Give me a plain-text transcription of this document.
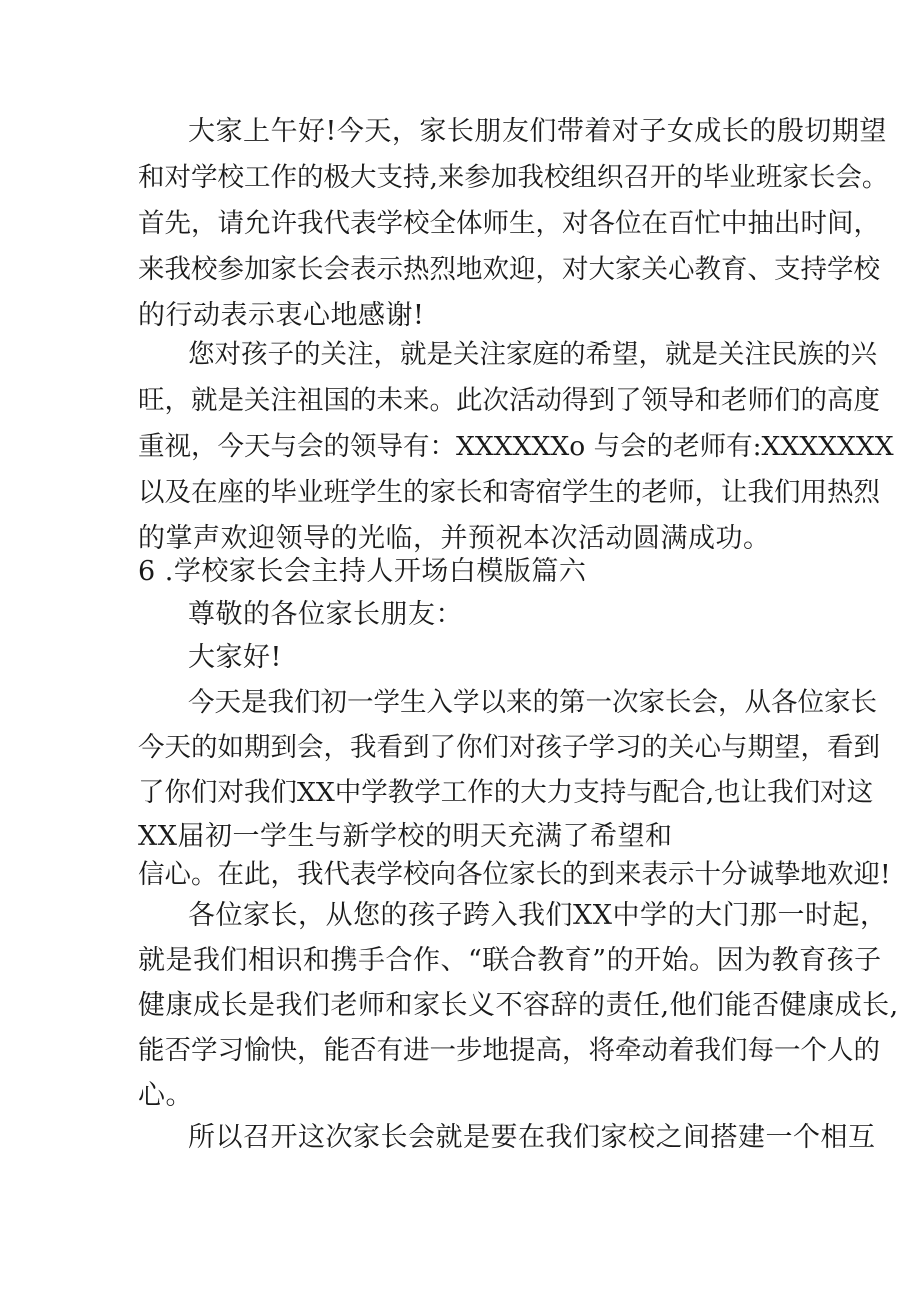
大家上午好!今天，家长朋友们带着对子女成长的殷切期望
和对学校工作的极大支持,来参加我校组织召开的毕业班家长会。
首先，请允许我代表学校全体师生，对各位在百忙中抽出时间，
来我校参加家长会表示热烈地欢迎，对大家关心教育、支持学校
的行动表示衷心地感谢!
您对孩子的关注，就是关注家庭的希望，就是关注民族的兴
旺，就是关注祖国的未来。此次活动得到了领导和老师们的高度
重视，今天与会的领导有：XXXXXXo 与会的老师有:XXXXXXX
以及在座的毕业班学生的家长和寄宿学生的老师，让我们用热烈
的掌声欢迎领导的光临，并预祝本次活动圆满成功。
6 .学校家长会主持人开场白模版篇六
尊敬的各位家长朋友：
大家好!
今天是我们初一学生入学以来的第一次家长会，从各位家长
今天的如期到会，我看到了你们对孩子学习的关心与期望，看到
了你们对我们XX中学教学工作的大力支持与配合,也让我们对这
XX届初一学生与新学校的明天充满了希望和
信心。在此，我代表学校向各位家长的到来表示十分诚挚地欢迎!
各位家长，从您的孩子跨入我们XX中学的大门那一时起，
就是我们相识和携手合作、“联合教育”的开始。因为教育孩子
健康成长是我们老师和家长义不容辞的责任,他们能否健康成长,
能否学习愉快，能否有进一步地提高，将牵动着我们每一个人的
心。
所以召开这次家长会就是要在我们家校之间搭建一个相互
